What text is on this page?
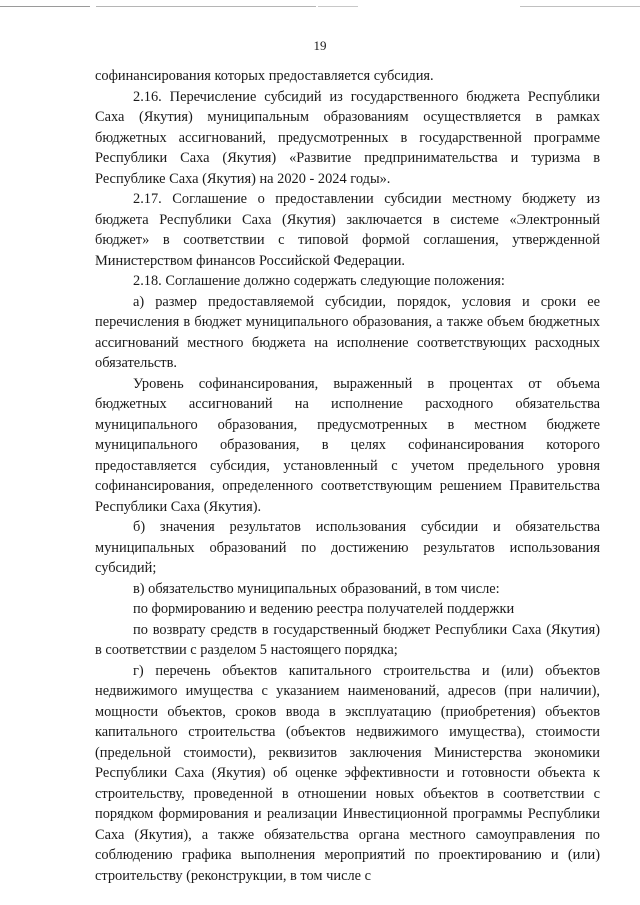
19

софинансирования которых предоставляется субсидия.

2.16. Перечисление субсидий из государственного бюджета Республики Саха (Якутия) муниципальным образованиям осуществляется в рамках бюджетных ассигнований, предусмотренных в государственной программе Республики Саха (Якутия) «Развитие предпринимательства и туризма в Республике Саха (Якутия) на 2020 - 2024 годы».

2.17. Соглашение о предоставлении субсидии местному бюджету из бюджета Республики Саха (Якутия) заключается в системе «Электронный бюджет» в соответствии с типовой формой соглашения, утвержденной Министерством финансов Российской Федерации.

2.18. Соглашение должно содержать следующие положения:

а) размер предоставляемой субсидии, порядок, условия и сроки ее перечисления в бюджет муниципального образования, а также объем бюджетных ассигнований местного бюджета на исполнение соответствующих расходных обязательств.

Уровень софинансирования, выраженный в процентах от объема бюджетных ассигнований на исполнение расходного обязательства муниципального образования, предусмотренных в местном бюджете муниципального образования, в целях софинансирования которого предоставляется субсидия, установленный с учетом предельного уровня софинансирования, определенного соответствующим решением Правительства Республики Саха (Якутия).

б) значения результатов использования субсидии и обязательства муниципальных образований по достижению результатов использования субсидий;

в) обязательство муниципальных образований, в том числе:

по формированию и ведению реестра получателей поддержки

по возврату средств в государственный бюджет Республики Саха (Якутия) в соответствии с разделом 5 настоящего порядка;

г) перечень объектов капитального строительства и (или) объектов недвижимого имущества с указанием наименований, адресов (при наличии), мощности объектов, сроков ввода в эксплуатацию (приобретения) объектов капитального строительства (объектов недвижимого имущества), стоимости (предельной стоимости), реквизитов заключения Министерства экономики Республики Саха (Якутия) об оценке эффективности и готовности объекта к строительству, проведенной в отношении новых объектов в соответствии с порядком формирования и реализации Инвестиционной программы Республики Саха (Якутия), а также обязательства органа местного самоуправления по соблюдению графика выполнения мероприятий по проектированию и (или) строительству (реконструкции, в том числе с
